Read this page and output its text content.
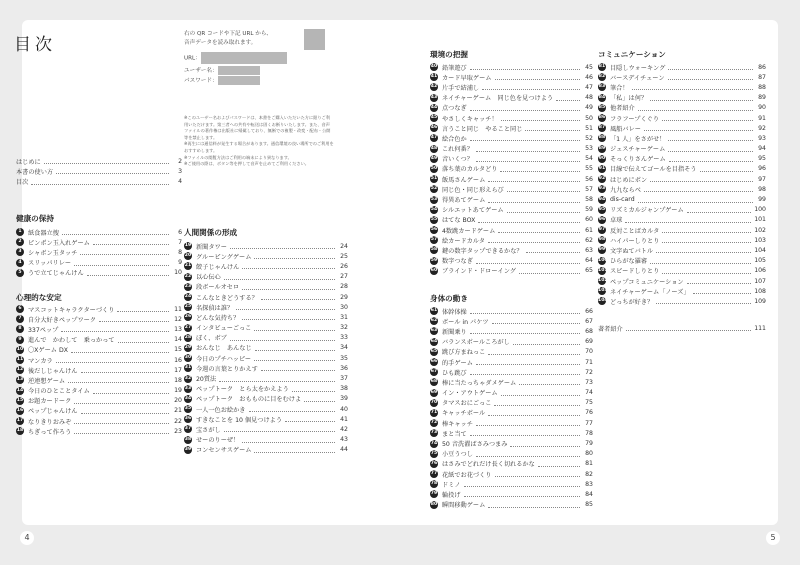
4	5
目次
右の QR コードや下記 URL から、
音声データを読み取れます。
URL：
ユーザー名：
パスワード：
※このユーザー名およびパスワードは、本書をご購入いただいた方に限りご利用いただけます。第三者への共有や転送は固くお断りいたします。また、音声ファイルの著作権は出版社に帰属しており、無断での複製・改変・配布・公開等を禁止します。
※再生には通信料が発生する場合があります。通信環境の良い場所でのご利用をおすすめします。
※ファイルの閲覧方法はご利用の端末により異なります。
※ご使用の際は、ボタン等を押して音声を止めてご利用ください。
はじめに	2
本書の使い方	3
目次	4
健康の保持
1	紙食器立捜	6
2	ピンポン玉入れゲーム	7
3	シャボン玉タッチ	8
4	スリッパリレー	9
5	うで立てじゃんけん	10
心理的な安定
6	マスコットキャラクターづくり	11
7	自分大好きペップワーク	12
8	337ペップ	13
9	進んで　かわして　乗っかって	14
10 〇Xゲーム DX	15
11 マンカラ	16
12 後だしじゃんけん	17
13 逆連想ゲーム	18
14 今日のひとことタイム	19
15 お題カードーク	20
16 ペップじゃんけん	21
17 なりきりおみぞ	22
18 ちぎって作ろう	23
人間関係の形成
19 新聞タワー	24
20 グルーピングゲーム	25
21 餃子じゃんけん	26
22 以心伝心	27
23 段ボールオセロ	28
24 こんなときどうする？	29
25 名探偵は誰？	30
26 どんな気持ち？	31
27 インタビューごっこ	32
28 ぼく、ボブ	33
29 おんなじ　あんなじ	34
30 今日のプチハッピー	35
31 今週の言葉とりかえす	36
32 20質法	37
33 ペップトーク　とら太をかえよう	38
34 ペップトーク　おもものに目をむけよ	39
35 一人一色お絵かき	40
36 すきなことを 10 個見つけよう	41
37 宝さがし	42
38 せーのりーぜ！	43
39 コンセンサスゲーム	44
環境の把握
40 鉛筆遊び	45
41 カード早取ゲーム	46
42 片手で結浦し	47
43 ネイチャーゲーム　同じ色を見つけよう	48
44 点つなぎ	49
45 やさしくキャッチ！	50
46 言うこと同じ　やること同じ	51
47 絵合色か	52
48 これ何番？	53
49 音いくつ？	54
50 落ち葉のカルタどり	55
51 飯馬さんゲーム	56
52 同じ色・同じ形えらび	57
53 得異あてゲーム	58
54 シルエットあてゲーム	59
55 はてな BOX	60
56 4数跳カードゲーム	61
57 絵カードカルタ	62
58 鍵の数字タップできるかな？	63
59 数字つなぎ	64
60 ブラインド・ドローイング	65
身体の動き
61 体幹体操	66
62 ボール in パケツ	67
63 新聞乗り	68
64 バランスボールころがし	69
65 跳び方まねっこ	70
66 的手ゲーム	71
67 ひも跳び	72
68 棒に当たっちゃダメゲーム	73
69 イン・アウトゲーム	74
70 タマスおにごっこ	75
71 キャッチボール	76
72 棒キャッチ	77
73 まと当て	78
74 50 音洗濯ばさみつまみ	79
75 小豆うつし	80
76 はさみでどれだけ長く切れるかな	81
77 花紙でお花づくり	82
78 ドミノ	83
79 輪投げ	84
80 瞬間移動ゲーム	85
コミュニケーション
81 目隠しウォーキング	86
82 バースデイチェーン	87
83 筆合！	88
84 「私」は何？	89
85 他者紹介	90
86 フラフープくぐり	91
87 風船バレー	92
88 「1 人」をさがせ！	93
89 ジェスチャーゲーム	94
90 そっくりさんゲーム	95
91 目線で伝えてゴールを目指そう	96
92 はじめにボン	97
93 九九ならべ	98
94 dis-card	99
95 リズミカルジャンプゲーム	100
96 卓球	101
97 反対ことばカルタ	102
98 ハイパーしりとり	103
99 文字ぬてバトル	104
100 ひらがな羅審	105
101 スピードしりとり	106
102 ペップコミュニケーション	107
103 ネイチャーゲーム「ノーズ」	108
104 どっちが好き？	109
著者紹介	111
